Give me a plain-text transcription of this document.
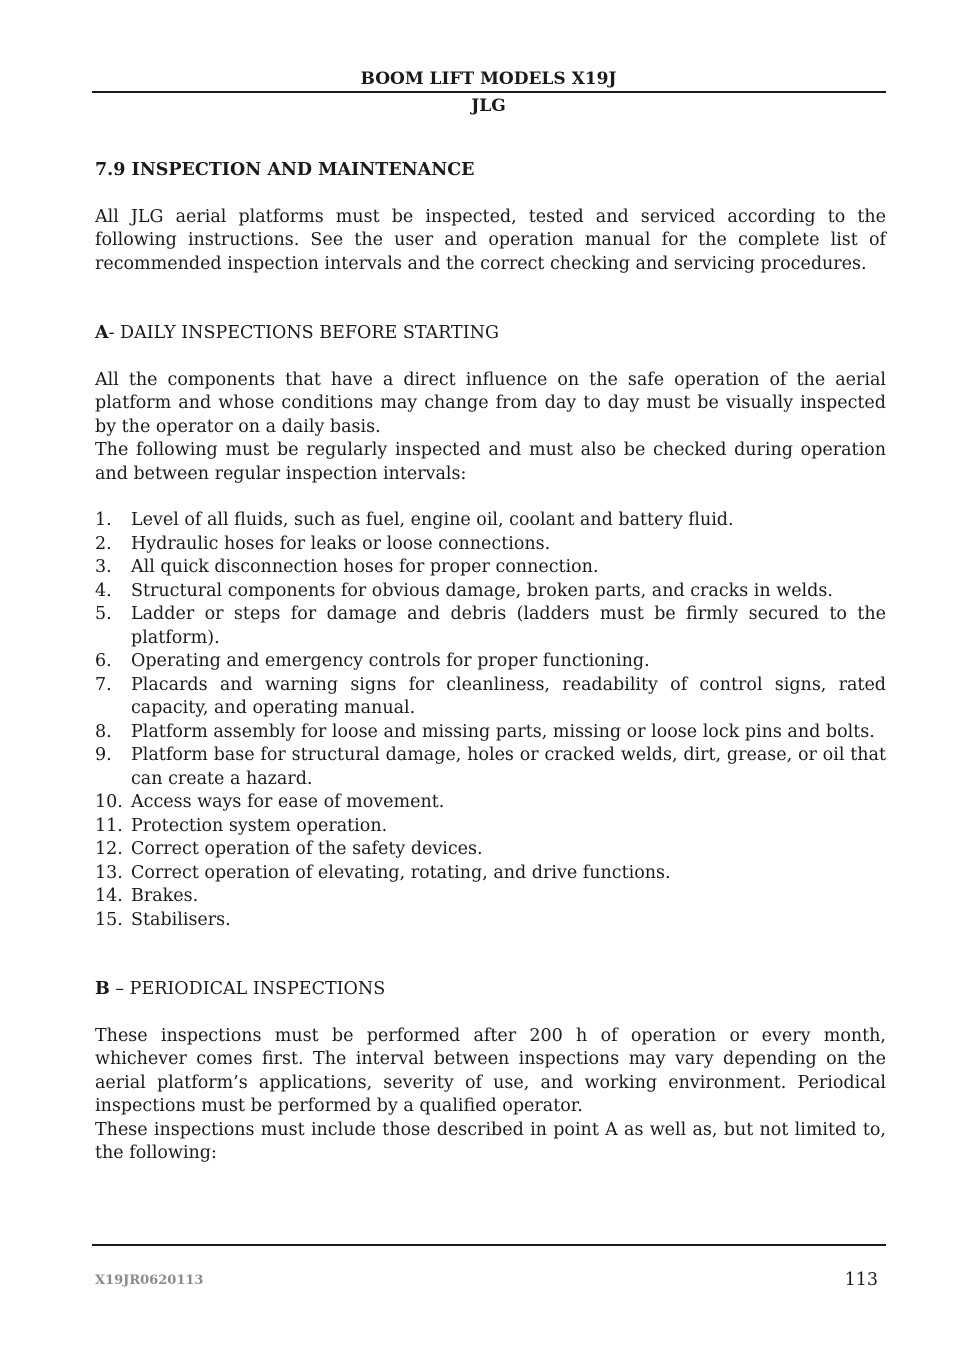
BOOM LIFT MODELS X19J
JLG
7.9 INSPECTION AND MAINTENANCE

All JLG aerial platforms must be inspected, tested and serviced according to the following instructions. See the user and operation manual for the complete list of recommended inspection intervals and the correct checking and servicing procedures.

A- DAILY INSPECTIONS BEFORE STARTING

All the components that have a direct influence on the safe operation of the aerial platform and whose conditions may change from day to day must be visually inspected by the operator on a daily basis.

The following must be regularly inspected and must also be checked during operation and between regular inspection intervals:

1.	Level of all fluids, such as fuel, engine oil, coolant and battery fluid.
2.	Hydraulic hoses for leaks or loose connections.
3.	All quick disconnection hoses for proper connection.
4.	Structural components for obvious damage, broken parts, and cracks in welds.
5.	Ladder or steps for damage and debris (ladders must be firmly secured to the platform).
6.	Operating and emergency controls for proper functioning.
7.	Placards and warning signs for cleanliness, readability of control signs, rated capacity, and operating manual.
8.	Platform assembly for loose and missing parts, missing or loose lock pins and bolts.
9.	Platform base for structural damage, holes or cracked welds, dirt, grease, or oil that can create a hazard.
10. Access ways for ease of movement.
11. Protection system operation.
12. Correct operation of the safety devices.
13. Correct operation of elevating, rotating, and drive functions.
14. Brakes.
15. Stabilisers.
B – PERIODICAL INSPECTIONS

These inspections must be performed after 200 h of operation or every month, whichever comes first. The interval between inspections may vary depending on the aerial platform’s applications, severity of use, and working environment. Periodical inspections must be performed by a qualified operator.

These inspections must include those described in point A as well as, but not limited to, the following:

X19JR0620113	113
